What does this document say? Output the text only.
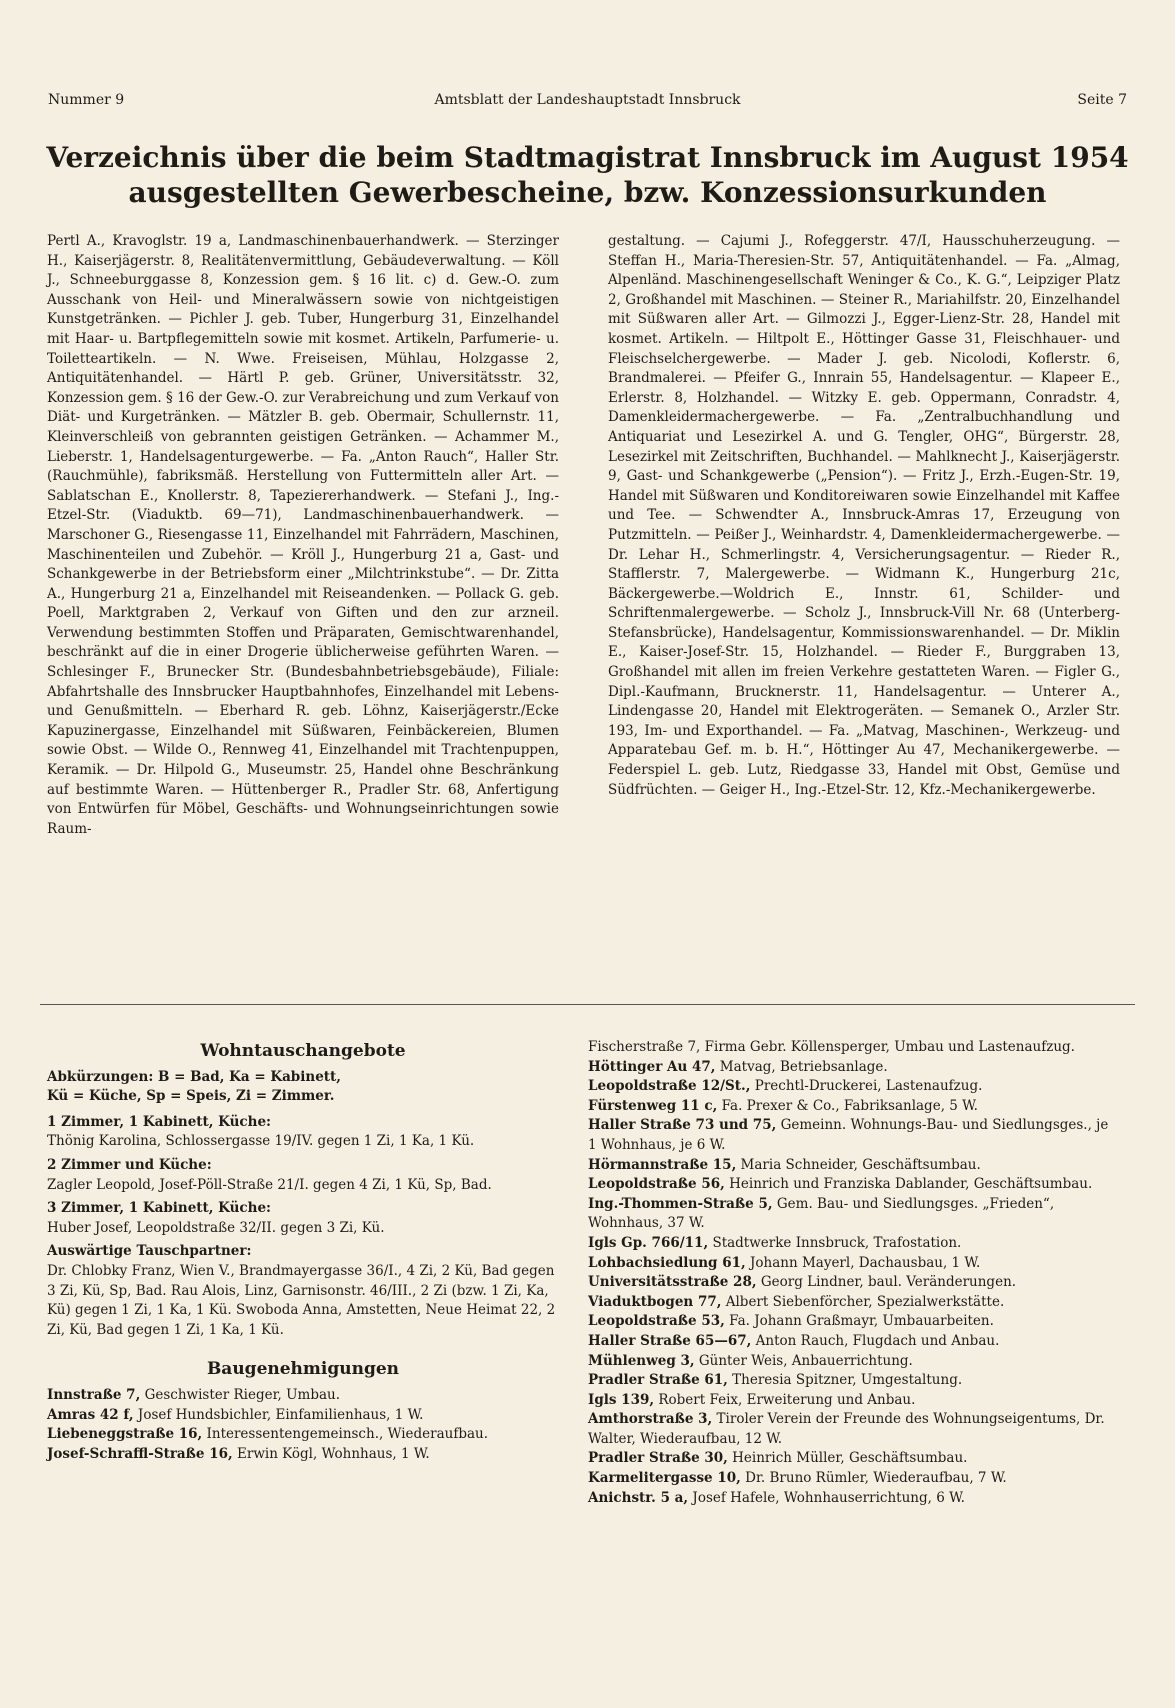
Nummer 9	Amtsblatt der Landeshauptstadt Innsbruck	Seite 7
Verzeichnis über die beim Stadtmagistrat Innsbruck im August 1954
ausgestellten Gewerbescheine, bzw. Konzessionsurkunden
Pertl A., Kravoglstr. 19 a, Landmaschinenbauerhandwerk. — Sterzinger H., Kaiserjägerstr. 8, Realitätenvermittlung, Gebäudeverwaltung. — Köll J., Schneeburggasse 8, Konzession gem. § 16 lit. c) d. Gew.-O. zum Ausschank von Heil- und Mineralwässern sowie von nichtgeistigen Kunstgetränken. — Pichler J. geb. Tuber, Hungerburg 31, Einzelhandel mit Haar- u. Bartpflegemitteln sowie mit kosmet. Artikeln, Parfumerie- u. Toiletteartikeln. — N. Wwe. Freiseisen, Mühlau, Holzgasse 2, Antiquitätenhandel. — Härtl P. geb. Grüner, Universitätsstr. 32, Konzession gem. § 16 der Gew.-O. zur Verabreichung und zum Verkauf von Diät- und Kurgetränken. — Mätzler B. geb. Obermair, Schullernstr. 11, Kleinverschleiß von gebrannten geistigen Getränken. — Achammer M., Lieberstr. 1, Handelsagenturgewerbe. — Fa. „Anton Rauch“, Haller Str. (Rauchmühle), fabriksmäß. Herstellung von Futtermitteln aller Art. — Sablatschan E., Knollerstr. 8, Tapeziererhandwerk. — Stefani J., Ing.-Etzel-Str. (Viaduktb. 69—71), Landmaschinenbauerhandwerk. — Marschoner G., Riesengasse 11, Einzelhandel mit Fahrrädern, Maschinen, Maschinenteilen und Zubehör. — Kröll J., Hungerburg 21 a, Gast- und Schankgewerbe in der Betriebsform einer „Milchtrinkstube“. — Dr. Zitta A., Hungerburg 21 a, Einzelhandel mit Reiseandenken. — Pollack G. geb. Poell, Marktgraben 2, Verkauf von Giften und den zur arzneil. Verwendung bestimmten Stoffen und Präparaten, Gemischtwarenhandel, beschränkt auf die in einer Drogerie üblicherweise geführten Waren. — Schlesinger F., Brunecker Str. (Bundesbahnbetriebsgebäude), Filiale: Abfahrtshalle des Innsbrucker Hauptbahnhofes, Einzelhandel mit Lebens- und Genußmitteln. — Eberhard R. geb. Löhnz, Kaiserjägerstr./Ecke Kapuzinergasse, Einzelhandel mit Süßwaren, Feinbäckereien, Blumen sowie Obst. — Wilde O., Rennweg 41, Einzelhandel mit Trachtenpuppen, Keramik. — Dr. Hilpold G., Museumstr. 25, Handel ohne Beschränkung auf bestimmte Waren. — Hüttenberger R., Pradler Str. 68, Anfertigung von Entwürfen für Möbel, Geschäfts- und Wohnungseinrichtungen sowie Raum-
gestaltung. — Cajumi J., Rofeggerstr. 47/I, Hausschuherzeugung. — Steffan H., Maria-Theresien-Str. 57, Antiquitätenhandel. — Fa. „Almag, Alpenländ. Maschinengesellschaft Weninger & Co., K. G.“, Leipziger Platz 2, Großhandel mit Maschinen. — Steiner R., Mariahilfstr. 20, Einzelhandel mit Süßwaren aller Art. — Gilmozzi J., Egger-Lienz-Str. 28, Handel mit kosmet. Artikeln. — Hiltpolt E., Höttinger Gasse 31, Fleischhauer- und Fleischselchergewerbe. — Mader J. geb. Nicolodi, Koflerstr. 6, Brandmalerei. — Pfeifer G., Innrain 55, Handelsagentur. — Klapeer E., Erlerstr. 8, Holzhandel. — Witzky E. geb. Oppermann, Conradstr. 4, Damenkleidermachergewerbe. — Fa. „Zentralbuchhandlung und Antiquariat und Lesezirkel A. und G. Tengler, OHG“, Bürgerstr. 28, Lesezirkel mit Zeitschriften, Buchhandel. — Mahlknecht J., Kaiserjägerstr. 9, Gast- und Schankgewerbe („Pension“). — Fritz J., Erzh.-Eugen-Str. 19, Handel mit Süßwaren und Konditoreiwaren sowie Einzelhandel mit Kaffee und Tee. — Schwendter A., Innsbruck-Amras 17, Erzeugung von Putzmitteln. — Peißer J., Weinhardstr. 4, Damenkleidermachergewerbe. — Dr. Lehar H., Schmerlingstr. 4, Versicherungsagentur. — Rieder R., Stafflerstr. 7, Malergewerbe. — Widmann K., Hungerburg 21c, Bäckergewerbe.—Woldrich E., Innstr. 61, Schilder- und Schriftenmalergewerbe. — Scholz J., Innsbruck-Vill Nr. 68 (Unterberg-Stefansbrücke), Handelsagentur, Kommissionswarenhandel. — Dr. Miklin E., Kaiser-Josef-Str. 15, Holzhandel. — Rieder F., Burggraben 13, Großhandel mit allen im freien Verkehre gestatteten Waren. — Figler G., Dipl.-Kaufmann, Brucknerstr. 11, Handelsagentur. — Unterer A., Lindengasse 20, Handel mit Elektrogeräten. — Semanek O., Arzler Str. 193, Im- und Exporthandel. — Fa. „Matvag, Maschinen-, Werkzeug- und Apparatebau Gef. m. b. H.“, Höttinger Au 47, Mechanikergewerbe. — Federspiel L. geb. Lutz, Riedgasse 33, Handel mit Obst, Gemüse und Südfrüchten. — Geiger H., Ing.-Etzel-Str. 12, Kfz.-Mechanikergewerbe.
Wohntauschangebote
Abkürzungen: B = Bad, Ka = Kabinett,
Kü = Küche, Sp = Speis, Zi = Zimmer.
1 Zimmer, 1 Kabinett, Küche:
Thönig Karolina, Schlossergasse 19/IV. gegen 1 Zi, 1 Ka, 1 Kü.
2 Zimmer und Küche:
Zagler Leopold, Josef-Pöll-Straße 21/I. gegen 4 Zi, 1 Kü, Sp, Bad.
3 Zimmer, 1 Kabinett, Küche:
Huber Josef, Leopoldstraße 32/II. gegen 3 Zi, Kü.
Auswärtige Tauschpartner:
Dr. Chlobky Franz, Wien V., Brandmayergasse 36/I., 4 Zi, 2 Kü, Bad gegen 3 Zi, Kü, Sp, Bad. Rau Alois, Linz, Garnisonstr. 46/III., 2 Zi (bzw. 1 Zi, Ka, Kü) gegen 1 Zi, 1 Ka, 1 Kü. Swoboda Anna, Amstetten, Neue Heimat 22, 2 Zi, Kü, Bad gegen 1 Zi, 1 Ka, 1 Kü.
Baugenehmigungen
Innstraße 7, Geschwister Rieger, Umbau.
Amras 42 f, Josef Hundsbichler, Einfamilienhaus, 1 W.
Liebeneggstraße 16, Interessentengemeinsch., Wiederaufbau.
Josef-Schraffl-Straße 16, Erwin Kögl, Wohnhaus, 1 W.
Fischerstraße 7, Firma Gebr. Köllensperger, Umbau und Lastenaufzug.
Höttinger Au 47, Matvag, Betriebsanlage.
Leopoldstraße 12/St., Prechtl-Druckerei, Lastenaufzug.
Fürstenweg 11 c, Fa. Prexer & Co., Fabriksanlage, 5 W.
Haller Straße 73 und 75, Gemeinn. Wohnungs-Bau- und Siedlungsges., je 1 Wohnhaus, je 6 W.
Hörmannstraße 15, Maria Schneider, Geschäftsumbau.
Leopoldstraße 56, Heinrich und Franziska Dablander, Geschäftsumbau.
Ing.-Thommen-Straße 5, Gem. Bau- und Siedlungsges. „Frieden“, Wohnhaus, 37 W.
Igls Gp. 766/11, Stadtwerke Innsbruck, Trafostation.
Lohbachsiedlung 61, Johann Mayerl, Dachausbau, 1 W.
Universitätsstraße 28, Georg Lindner, baul. Veränderungen.
Viaduktbogen 77, Albert Siebenförcher, Spezialwerkstätte.
Leopoldstraße 53, Fa. Johann Graßmayr, Umbauarbeiten.
Haller Straße 65—67, Anton Rauch, Flugdach und Anbau.
Mühlenweg 3, Günter Weis, Anbauerrichtung.
Pradler Straße 61, Theresia Spitzner, Umgestaltung.
Igls 139, Robert Feix, Erweiterung und Anbau.
Amthorstraße 3, Tiroler Verein der Freunde des Wohnungseigentums, Dr. Walter, Wiederaufbau, 12 W.
Pradler Straße 30, Heinrich Müller, Geschäftsumbau.
Karmelitergasse 10, Dr. Bruno Rümler, Wiederaufbau, 7 W.
Anichstr. 5 a, Josef Hafele, Wohnhauserrichtung, 6 W.
